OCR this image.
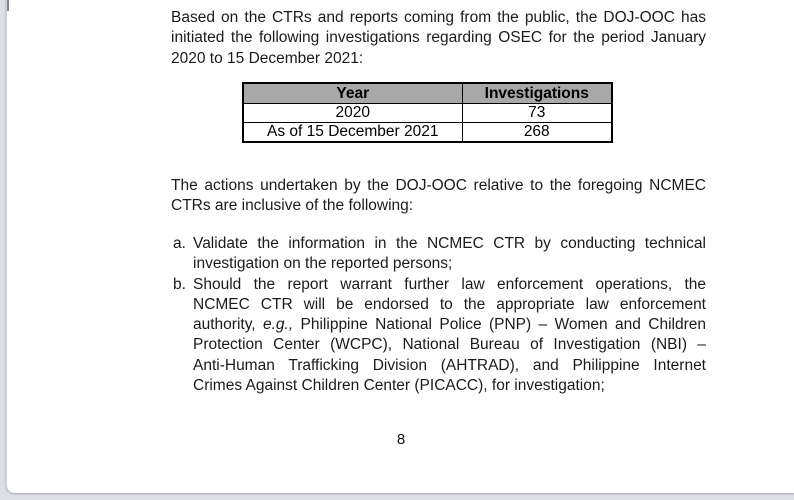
Based on the CTRs and reports coming from the public, the DOJ-OOC has
initiated the following investigations regarding OSEC for the period January
2020 to 15 December 2021:
Year	Investigations
2020	73
As of 15 December 2021	268
The actions undertaken by the DOJ-OOC relative to the foregoing NCMEC
CTRs are inclusive of the following:
a. Validate the information in the NCMEC CTR by conducting technical
investigation on the reported persons;
b. Should the report warrant further law enforcement operations, the
NCMEC CTR will be endorsed to the appropriate law enforcement
authority, e.g., Philippine National Police (PNP) – Women and Children
Protection Center (WCPC), National Bureau of Investigation (NBI) –
Anti-Human Trafficking Division (AHTRAD), and Philippine Internet
Crimes Against Children Center (PICACC), for investigation;
8
